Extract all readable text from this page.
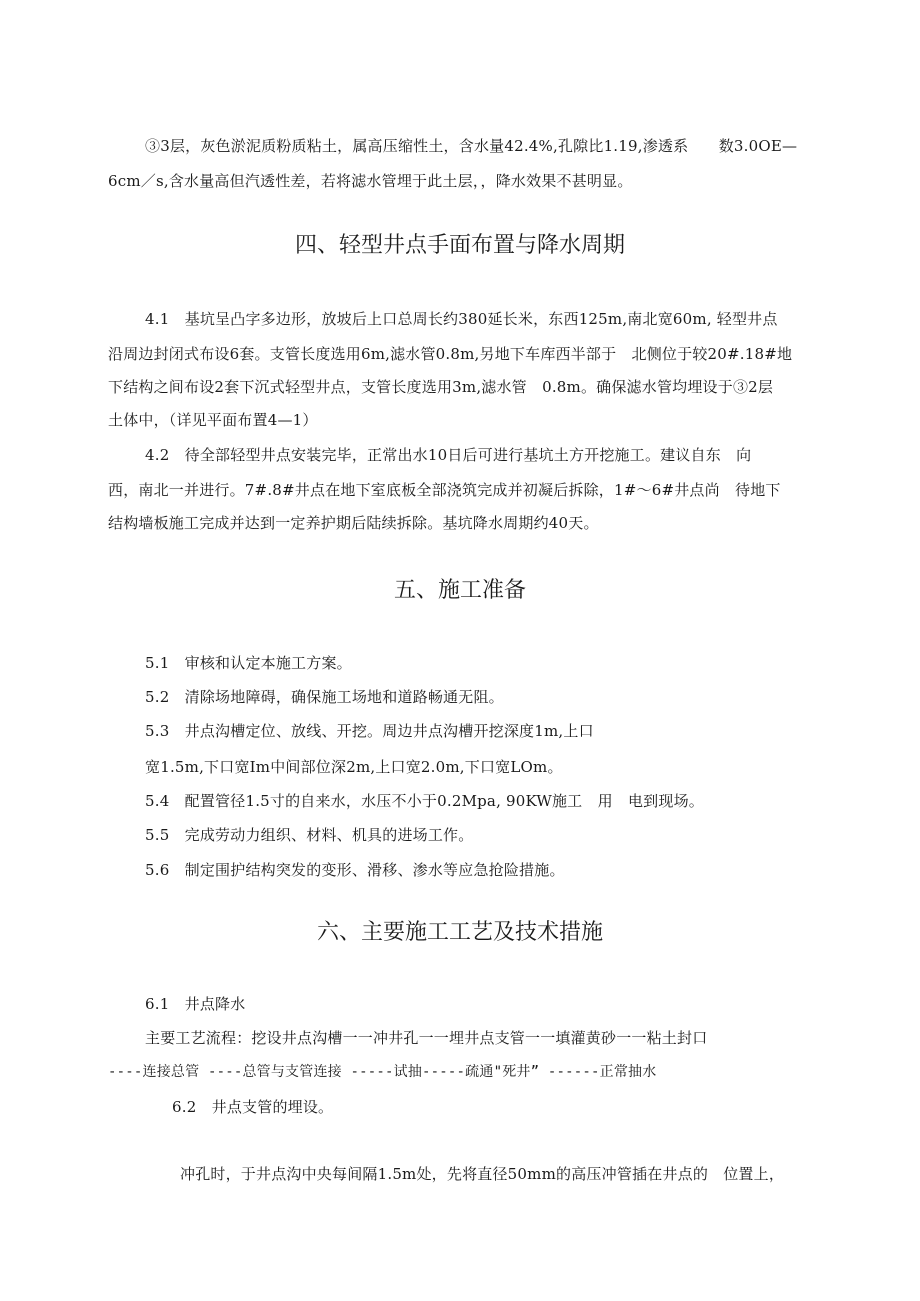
③3层，灰色淤泥质粉质粘土，属高压缩性土，含水量42.4%,孔隙比1.19,渗透系　　数3.0OE—
6cm／s,含水量高但汽透性差，若将滤水管埋于此土层，，降水效果不甚明显。
四、轻型井点手面布置与降水周期
4.1　基坑呈凸字多边形，放坡后上口总周长约380延长米，东西125m,南北宽60m, 轻型井点
沿周边封闭式布设6套。支管长度选用6m,滤水管0.8m,另地下车库西半部于　北侧位于较20#.18#地
下结构之间布设2套下沉式轻型井点，支管长度选用3m,滤水管　0.8m。确保滤水管均埋设于③2层
土体中，（详见平面布置4—1）
4.2　待全部轻型井点安装完毕，正常出水10日后可进行基坑土方开挖施工。建议自东　向
西，南北一并进行。7#.8#井点在地下室底板全部浇筑完成并初凝后拆除，1#～6#井点尚　待地下
结构墙板施工完成并达到一定养护期后陆续拆除。基坑降水周期约40天。
五、施工准备
5.1　审核和认定本施工方案。
5.2　清除场地障碍，确保施工场地和道路畅通无阻。
5.3　井点沟槽定位、放线、开挖。周边井点沟槽开挖深度1m,上口
宽1.5m,下口宽Im中间部位深2m,上口宽2.0m,下口宽LOm。
5.4　配置管径1.5寸的自来水，水压不小于0.2Mpa, 90KW施工　用　电到现场。
5.5　完成劳动力组织、材料、机具的进场工作。
5.6　制定围护结构突发的变形、滑移、渗水等应急抢险措施。
六、主要施工工艺及技术措施
6.1　井点降水
主要工艺流程：挖设井点沟槽一一冲井孔一一埋井点支管一一填灌黄砂一一粘土封口
----连接总管 ----总管与支管连接 -----试抽-----疏通"死井” ------正常抽水
6.2　井点支管的埋设。
冲孔时，于井点沟中央每间隔1.5m处，先将直径50mm的高压冲管插在井点的　位置上，
